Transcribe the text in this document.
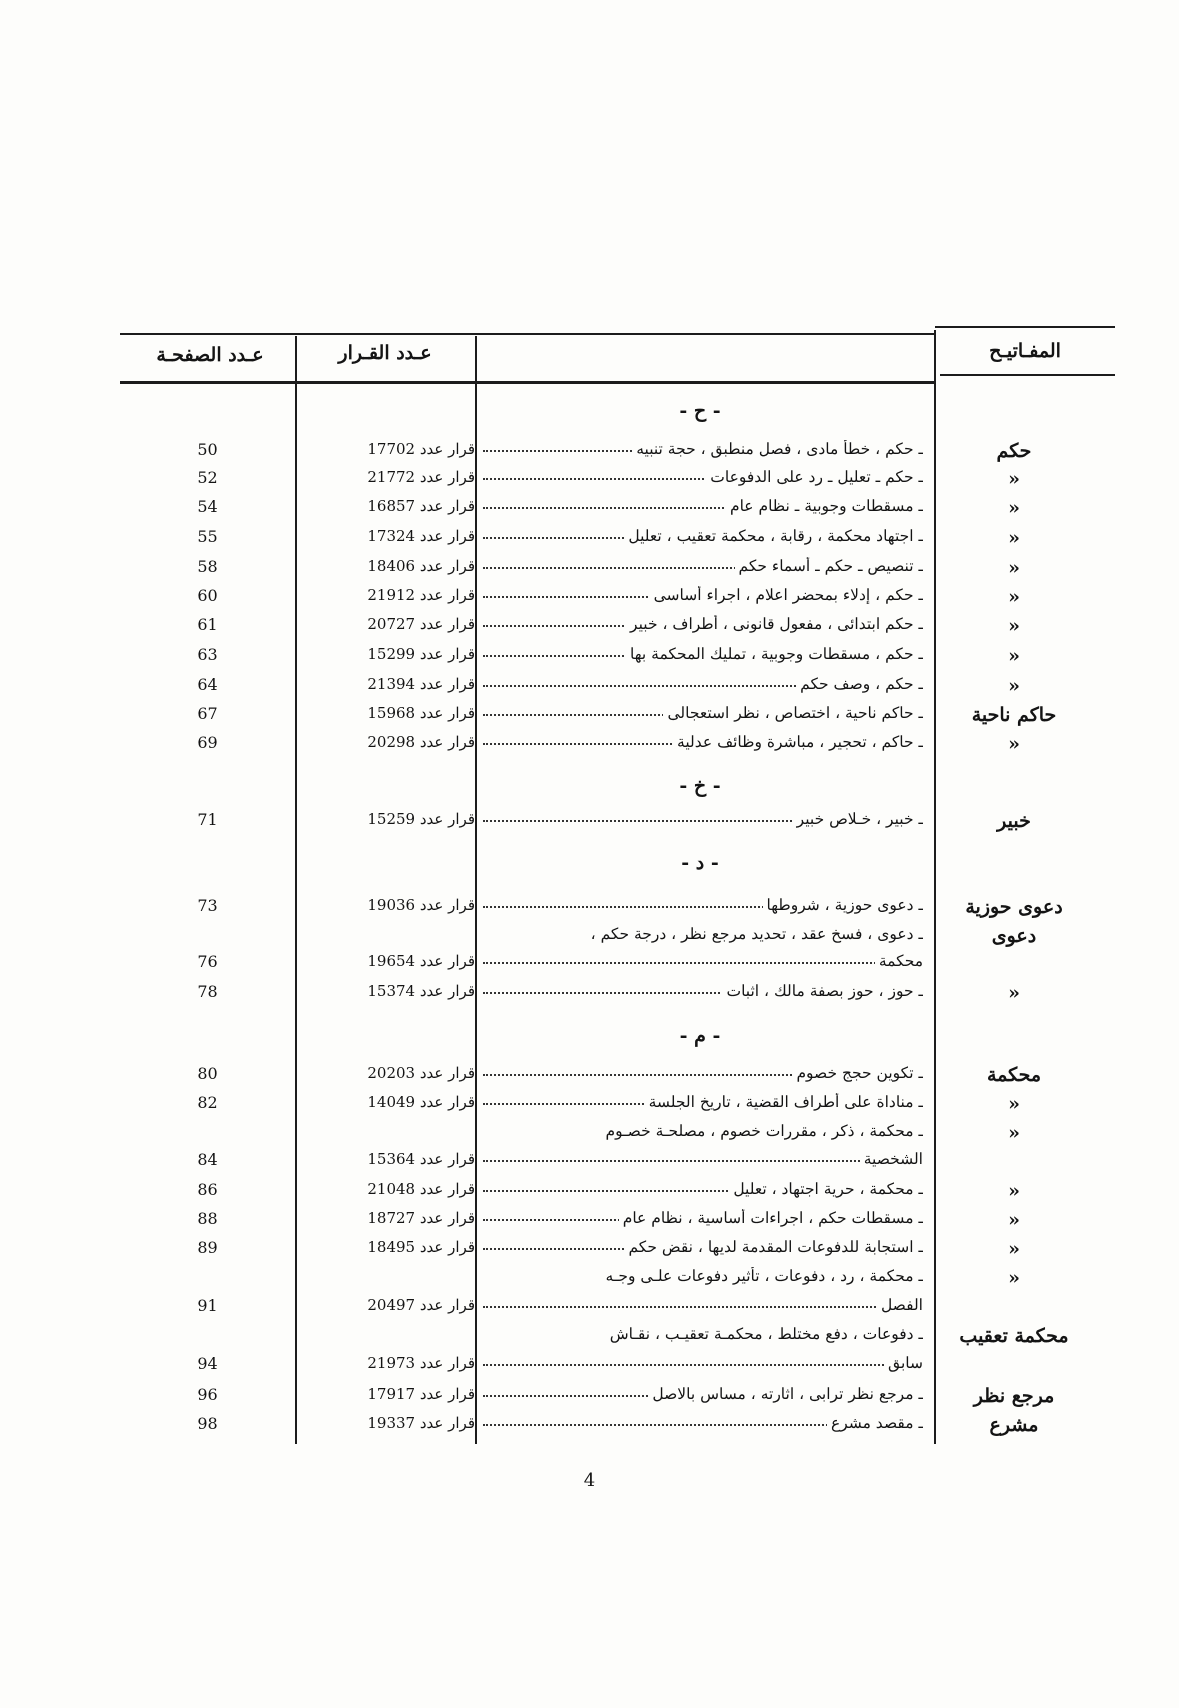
عـدد الصفحـة	عـدد القـرار	المفـاتيـح
- ح -
- خ -
- د -
- م -
حكم
ـ حكم ، خطأ مادى ، فصل منطبق ، حجة تنبيه
قرار عدد 17702
50
»
ـ حكم ـ تعليل ـ رد على الدفوعات
قرار عدد 21772
52
»
ـ مسقطات وجوبية ـ نظام عام
قرار عدد 16857
54
»
ـ اجتهاد محكمة ، رقابة ، محكمة تعقيب ، تعليل
قرار عدد 17324
55
»
ـ تنصيص ـ حكم ـ أسماء حكم
قرار عدد 18406
58
»
ـ حكم ، إدلاء بمحضر اعلام ، اجراء أساسى
قرار عدد 21912
60
»
ـ حكم ابتدائى ، مفعول قانونى ، أطراف ، خبير
قرار عدد 20727
61
»
ـ حكم ، مسقطات وجوبية ، تمليك المحكمة بها
قرار عدد 15299
63
»
ـ حكم ، وصف حكم
قرار عدد 21394
64
حاكم ناحية
ـ حاكم ناحية ، اختصاص ، نظر استعجالى
قرار عدد 15968
67
»
ـ حاكم ، تحجير ، مباشرة وظائف عدلية
قرار عدد 20298
69
خبير
ـ خبير ، خـلاص خبير
قرار عدد 15259
71
دعوى حوزية
ـ دعوى حوزية ، شروطها
قرار عدد 19036
73
دعوى
ـ دعوى ، فسخ عقد ، تحديد مرجع نظر ، درجة حكم ،
محكمة
قرار عدد 19654
76
»
ـ حوز ، حوز بصفة مالك ، اثبات
قرار عدد 15374
78
محكمة
ـ تكوين حجج خصوم
قرار عدد 20203
80
»
ـ مناداة على أطراف القضية ، تاريخ الجلسة
قرار عدد 14049
82
»
ـ محكمة ، ذكر ، مقررات خصوم ، مصلحـة خصـوم
الشخصية
قرار عدد 15364
84
»
ـ محكمة ، حرية اجتهاد ، تعليل
قرار عدد 21048
86
»
ـ مسقطات حكم ، اجراءات أساسية ، نظام عام
قرار عدد 18727
88
»
ـ استجابة للدفوعات المقدمة لديها ، نقض حكم
قرار عدد 18495
89
»
ـ محكمة ، رد ، دفوعات ، تأثير دفوعات علـى وجـه
الفصل
قرار عدد 20497
91
محكمة تعقيب
ـ دفوعات ، دفع مختلط ، محكمـة تعقيـب ، نقـاش
سابق
قرار عدد 21973
94
مرجع نظر
ـ مرجع نظر ترابى ، اثارته ، مساس بالاصل
قرار عدد 17917
96
مشرع
ـ مقصد مشرع
قرار عدد 19337
98
4
